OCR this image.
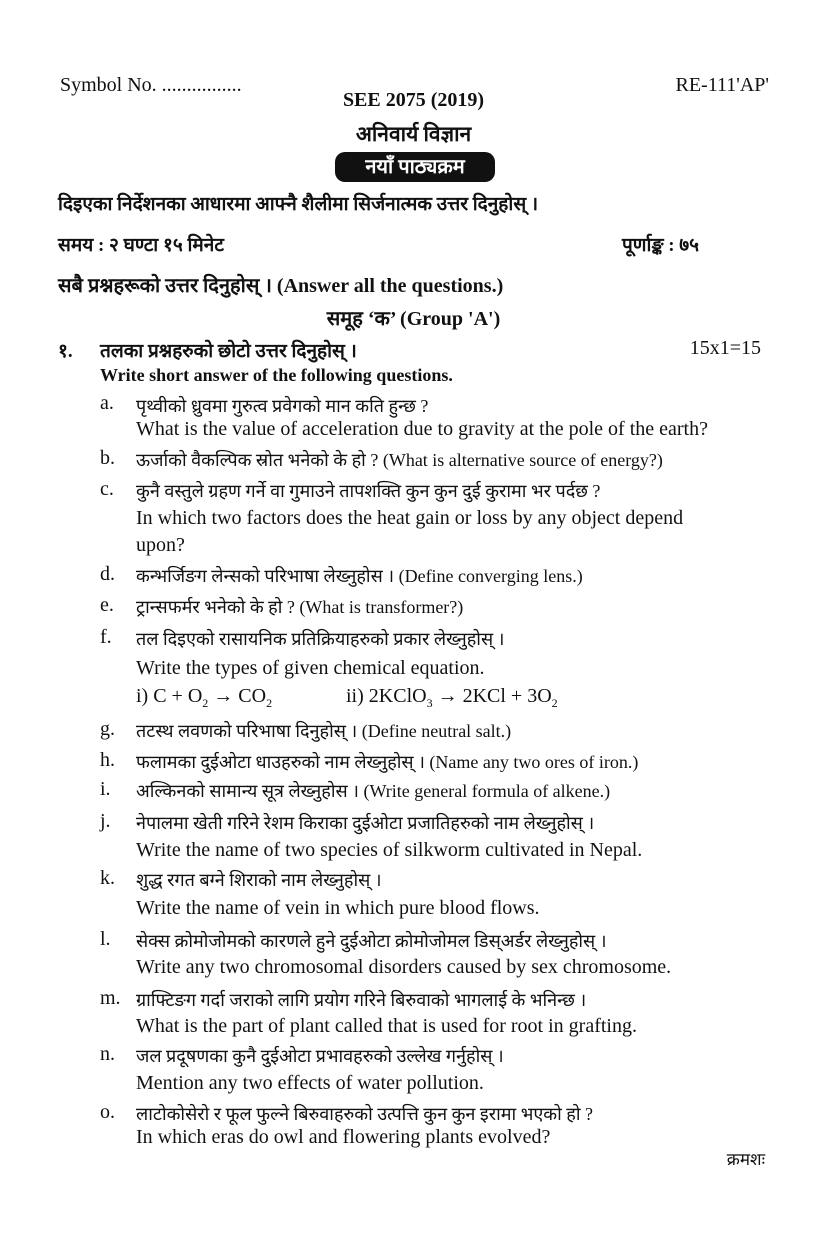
Symbol No. ................	RE-111'AP'
SEE 2075 (2019)
अनिवार्य विज्ञान
नयाँ पाठ्यक्रम
दिइएका निर्देशनका आधारमा आफ्नै शैलीमा सिर्जनात्मक उत्तर दिनुहोस् ।
समय : २ घण्टा १५ मिनेट	पूर्णाङ्क : ७५
सबै प्रश्नहरूको उत्तर दिनुहोस् । (Answer all the questions.)
समूह ‘क’ (Group 'A')
१. तलका प्रश्नहरुको छोटो उत्तर दिनुहोस् ।	15x1=15
Write short answer of the following questions.
a. पृथ्वीको ध्रुवमा गुरुत्व प्रवेगको मान कति हुन्छ ?
What is the value of acceleration due to gravity at the pole of the earth?
b. ऊर्जाको वैकल्पिक स्रोत भनेको के हो ? (What is alternative source of energy?)
c. कुनै वस्तुले ग्रहण गर्ने वा गुमाउने तापशक्ति कुन कुन दुई कुरामा भर पर्दछ ?
In which two factors does the heat gain or loss by any object depend
upon?
d. कन्भर्जिङग लेन्सको परिभाषा लेख्नुहोस । (Define converging lens.)
e. ट्रान्सफर्मर भनेको के हो ? (What is transformer?)
f. तल दिइएको रासायनिक प्रतिक्रियाहरुको प्रकार लेख्नुहोस् ।
Write the types of given chemical equation.
i) $C + O_2 \to CO_2$	ii) 2KClO$_3$ → $2KCl + 3O_2$
g. तटस्थ लवणको परिभाषा दिनुहोस् । (Define neutral salt.)
h. फलामका दुईओटा धाउहरुको नाम लेख्नुहोस् । (Name any two ores of iron.)
i. अल्किनको सामान्य सूत्र लेख्नुहोस । (Write general formula of alkene.)
j. नेपालमा खेती गरिने रेशम किराका दुईओटा प्रजातिहरुको नाम लेख्नुहोस् ।
Write the name of two species of silkworm cultivated in Nepal.
k. शुद्ध रगत बग्ने शिराको नाम लेख्नुहोस् ।
Write the name of vein in which pure blood flows.
l. सेक्स क्रोमोजोमको कारणले हुने दुईओटा क्रोमोजोमल डिस्अर्डर लेख्नुहोस् ।
Write any two chromosomal disorders caused by sex chromosome.
m. ग्राफ्टिङग गर्दा जराको लागि प्रयोग गरिने बिरुवाको भागलाई के भनिन्छ ।
What is the part of plant called that is used for root in grafting.
n. जल प्रदूषणका कुनै दुईओटा प्रभावहरुको उल्लेख गर्नुहोस् ।
Mention any two effects of water pollution.
o. लाटोकोसेरो र फूल फुल्ने बिरुवाहरुको उत्पत्ति कुन कुन इरामा भएको हो ?
In which eras do owl and flowering plants evolved?
क्रमशः
